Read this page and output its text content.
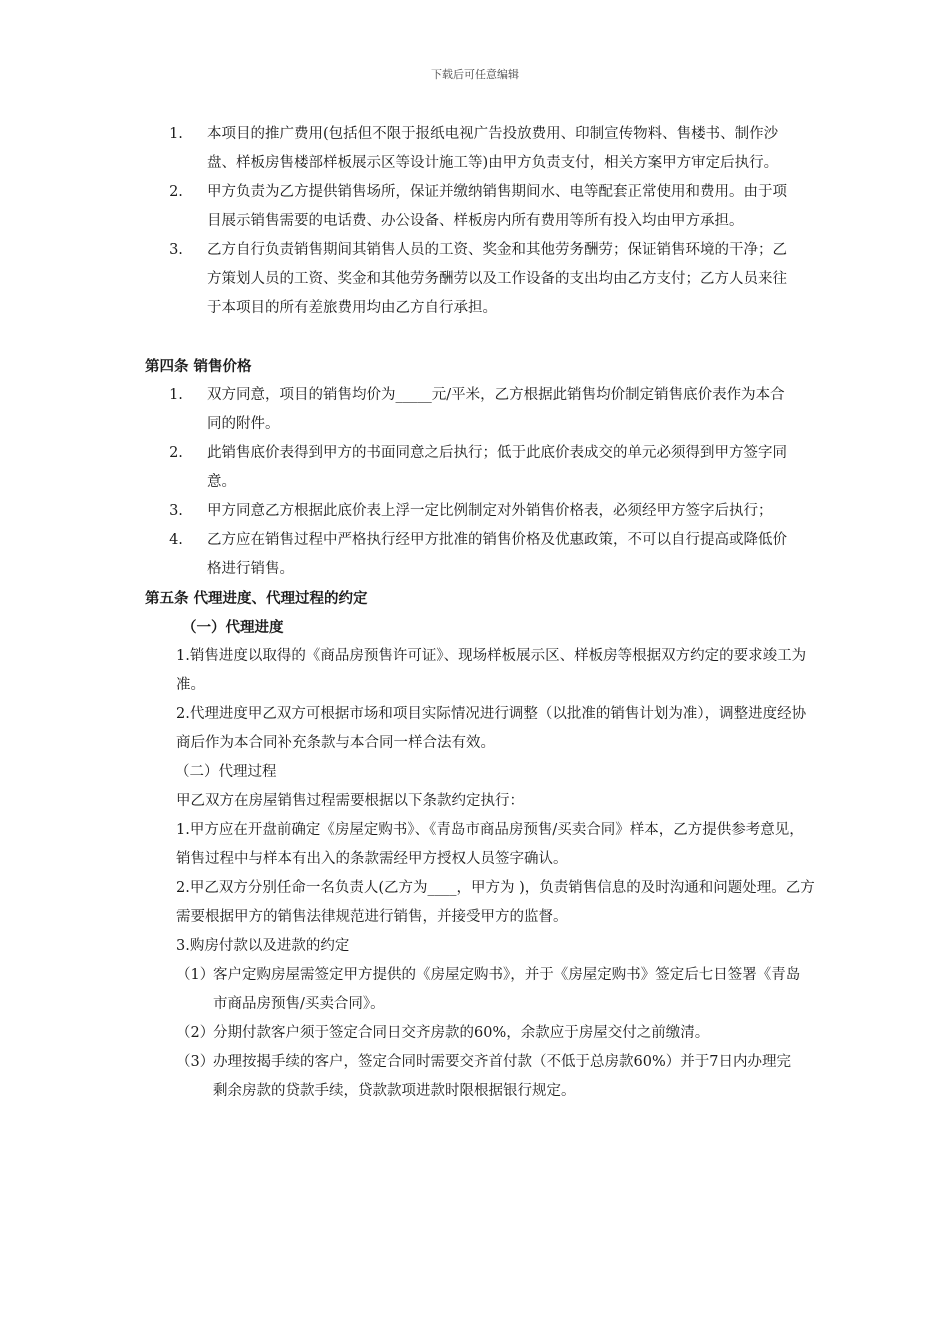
下载后可任意编辑
1.	本项目的推广费用(包括但不限于报纸电视广告投放费用、印制宣传物料、售楼书、制作沙盘、样板房售楼部样板展示区等设计施工等)由甲方负责支付，相关方案甲方审定后执行。
2.	甲方负责为乙方提供销售场所，保证并缴纳销售期间水、电等配套正常使用和费用。由于项目展示销售需要的电话费、办公设备、样板房内所有费用等所有投入均由甲方承担。
3.	乙方自行负责销售期间其销售人员的工资、奖金和其他劳务酬劳；保证销售环境的干净；乙方策划人员的工资、奖金和其他劳务酬劳以及工作设备的支出均由乙方支付；乙方人员来往于本项目的所有差旅费用均由乙方自行承担。
第四条 销售价格
1.	双方同意，项目的销售均价为_____元/平米，乙方根据此销售均价制定销售底价表作为本合同的附件。
2.	此销售底价表得到甲方的书面同意之后执行；低于此底价表成交的单元必须得到甲方签字同意。
3.	甲方同意乙方根据此底价表上浮一定比例制定对外销售价格表，必须经甲方签字后执行；
4.	乙方应在销售过程中严格执行经甲方批准的销售价格及优惠政策，不可以自行提高或降低价格进行销售。
第五条 代理进度、代理过程的约定
（一）代理进度
1.销售进度以取得的《商品房预售许可证》、现场样板展示区、样板房等根据双方约定的要求竣工为准。
2.代理进度甲乙双方可根据市场和项目实际情况进行调整（以批准的销售计划为准），调整进度经协商后作为本合同补充条款与本合同一样合法有效。
（二）代理过程
甲乙双方在房屋销售过程需要根据以下条款约定执行：
1.甲方应在开盘前确定《房屋定购书》、《青岛市商品房预售/买卖合同》样本，乙方提供参考意见，销售过程中与样本有出入的条款需经甲方授权人员签字确认。
2.甲乙双方分别任命一名负责人(乙方为____，甲方为 )，负责销售信息的及时沟通和问题处理。乙方需要根据甲方的销售法律规范进行销售，并接受甲方的监督。
3.购房付款以及进款的约定
（1）
客户定购房屋需签定甲方提供的《房屋定购书》，并于《房屋定购书》签定后七日签署《青岛市商品房预售/买卖合同》。
（2）
分期付款客户须于签定合同日交齐房款的60%，余款应于房屋交付之前缴清。
（3）
办理按揭手续的客户，签定合同时需要交齐首付款（不低于总房款60%）并于7日内办理完剩余房款的贷款手续，贷款款项进款时限根据银行规定。
